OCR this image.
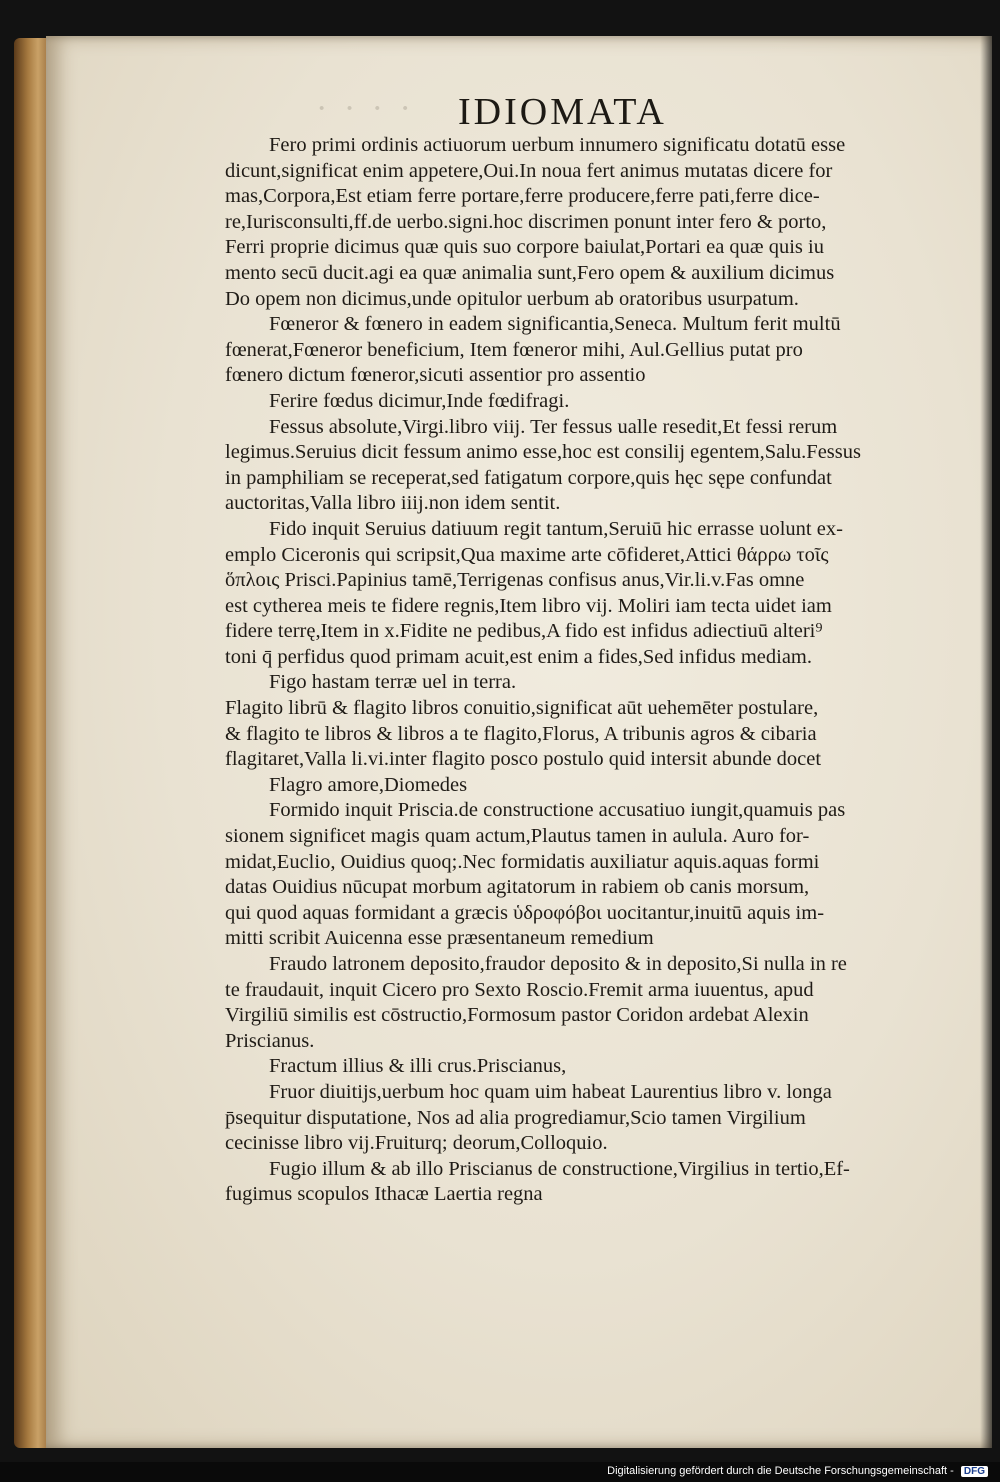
· · · · IDIOMATA
Fero primi ordinis actiuorum uerbum innumero significatu dotatū esse
dicunt,significat enim appetere,Oui.In noua fert animus mutatas dicere for
mas,Corpora,Est etiam ferre portare,ferre producere,ferre pati,ferre dice-
re,Iurisconsulti,ff.de uerbo.signi.hoc discrimen ponunt inter fero & porto,
Ferri proprie dicimus quæ quis suo corpore baiulat,Portari ea quæ quis iu
mento secū ducit.agi ea quæ animalia sunt,Fero opem & auxilium dicimus
Do opem non dicimus,unde opitulor uerbum ab oratoribus usurpatum.
Fœneror & fœnero in eadem significantia,Seneca. Multum ferit multū
fœnerat,Fœneror beneficium, Item fœneror mihi, Aul.Gellius putat pro
fœnero dictum fœneror,sicuti assentior pro assentio
Ferire fœdus dicimur,Inde fœdifragi.
Fessus absolute,Virgi.libro viij. Ter fessus ualle resedit,Et fessi rerum
legimus.Seruius dicit fessum animo esse,hoc est consilij egentem,Salu.Fessus
in pamphiliam se receperat,sed fatigatum corpore,quis hęc sępe confundat
auctoritas,Valla libro iiij.non idem sentit.
Fido inquit Seruius datiuum regit tantum,Seruiū hic errasse uolunt ex-
emplo Ciceronis qui scripsit,Qua maxime arte cōfideret,Attici θάρρω τοῖς
ὅπλοις Prisci.Papinius tamē,Terrigenas confisus anus,Vir.li.v.Fas omne
est cytherea meis te fidere regnis,Item libro vij. Moliri iam tecta uidet iam
fidere terrę,Item in x.Fidite ne pedibus,A fido est infidus adiectiuū alteri⁹
toni q̄ perfidus quod primam acuit,est enim a fides,Sed infidus mediam.
Figo hastam terræ uel in terra.
Flagito librū & flagito libros conuitio,significat aūt uehemēter postulare,
& flagito te libros & libros a te flagito,Florus, A tribunis agros & cibaria
flagitaret,Valla li.vi.inter flagito posco postulo quid intersit abunde docet
Flagro amore,Diomedes
Formido inquit Priscia.de constructione accusatiuo iungit,quamuis pas
sionem significet magis quam actum,Plautus tamen in aulula. Auro for-
midat,Euclio, Ouidius quoq;.Nec formidatis auxiliatur aquis.aquas formi
datas Ouidius nūcupat morbum agitatorum in rabiem ob canis morsum,
qui quod aquas formidant a græcis ὑδροφόβοι uocitantur,inuitū aquis im-
mitti scribit Auicenna esse præsentaneum remedium
Fraudo latronem deposito,fraudor deposito & in deposito,Si nulla in re
te fraudauit, inquit Cicero pro Sexto Roscio.Fremit arma iuuentus, apud
Virgiliū similis est cōstructio,Formosum pastor Coridon ardebat Alexin
Priscianus.
Fractum illius & illi crus.Priscianus,
Fruor diuitijs,uerbum hoc quam uim habeat Laurentius libro v. longa
p̄sequitur disputatione, Nos ad alia progrediamur,Scio tamen Virgilium
cecinisse libro vij.Fruiturq; deorum,Colloquio.
Fugio illum & ab illo Priscianus de constructione,Virgilius in tertio,Ef-
fugimus scopulos Ithacæ Laertia regna
Digitalisierung gefördert durch die Deutsche Forschungsgemeinschaft - DFG
